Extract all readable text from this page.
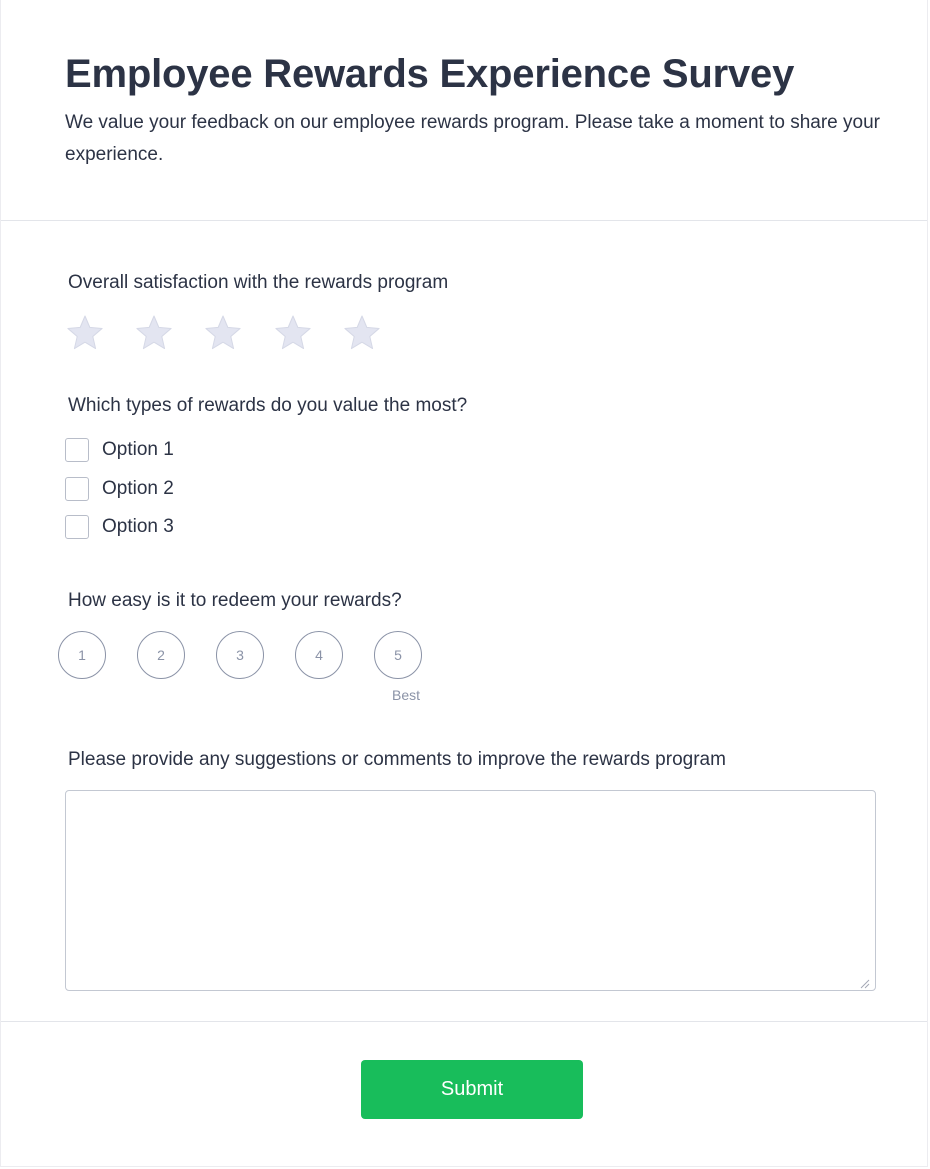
Employee Rewards Experience Survey

We value your feedback on our employee rewards program. Please take a moment to share your experience.

Overall satisfaction with the rewards program

Which types of rewards do you value the most?

Option 1
Option 2
Option 3

How easy is it to redeem your rewards?

1	2	3	4	5
Best

Please provide any suggestions or comments to improve the rewards program

Submit
